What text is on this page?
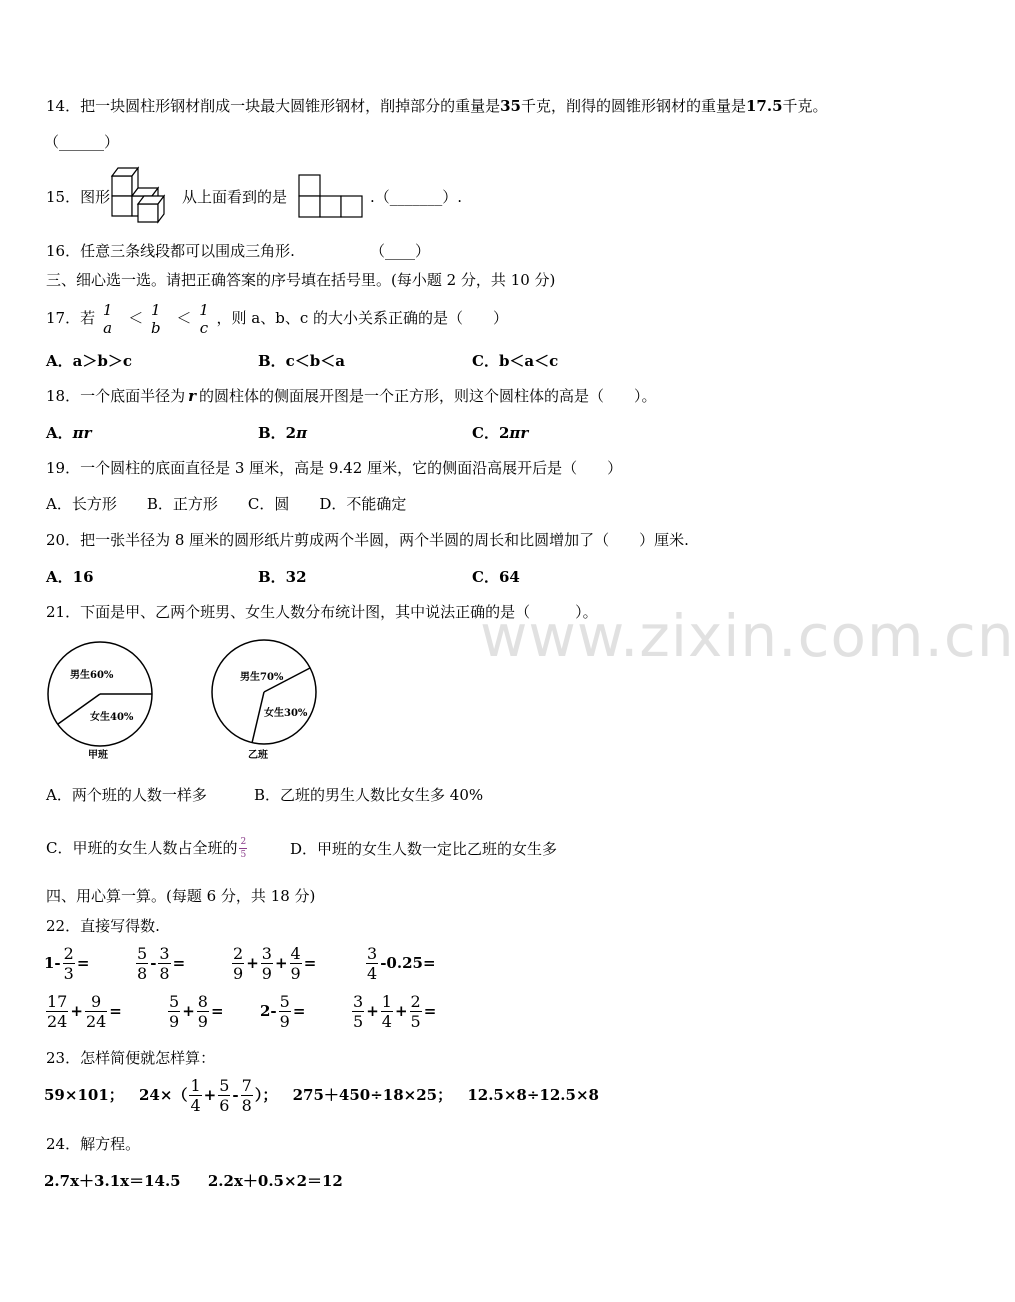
14．把一块圆柱形钢材削成一块最大圆锥形钢材，削掉部分的重量是35千克，削得的圆锥形钢材的重量是17.5千克。
（______）
15．图形	从上面看到的是	.（_______）.
16．任意三条线段都可以围成三角形.	（____）
三、细心选一选。请把正确答案的序号填在括号里。(每小题 2 分，共 10 分)
17．若 1
a
＜ 1
b
＜ 1
c
，则 a、b、c 的大小关系正确的是（　　）
A．a＞b＞c	B．c＜b＜a	C．b＜a＜c
18．一个底面半径为 r 的圆柱体的侧面展开图是一个正方形，则这个圆柱体的高是（　　）。
A．πr	B．2π	C．2πr
19．一个圆柱的底面直径是 3 厘米，高是 9.42 厘米，它的侧面沿高展开后是（　　）
A．长方形　　B．正方形　　C．圆　　D．不能确定
20．把一张半径为 8 厘米的圆形纸片剪成两个半圆，两个半圆的周长和比圆增加了（　　）厘米.
A．16	B．32	C．64
21．下面是甲、乙两个班男、女生人数分布统计图，其中说法正确的是（　　　）。
男生60%
女生40%
甲班
男生70%
女生30%
乙班
www.zixin.com.cn
A．两个班的人数一样多	B．乙班的男生人数比女生多 40%
C．甲班的女生人数占全班的 $\frac{2}{5}$	D．甲班的女生人数一定比乙班的女生多
四、用心算一算。(每题 6 分，共 18 分)
22．直接写得数.
$1- \frac{2}{3}$ =	$\frac{5}{8} - \frac{3}{8}$ =	$\frac{2}{9} + \frac{3}{9} + \frac{4}{9}$ =	$\frac{3}{4} -0.25=$
$\frac{17}{24} + \frac{9}{24}$ =	$\frac{5}{9} + \frac{8}{9} = 2- \frac{5}{9}$ =	$\frac{3}{5} + \frac{1}{4} + \frac{2}{5}$ =
23．怎样简便就怎样算：
59×101； $24\times( \frac{1}{4} + \frac{5}{6} - \frac{7}{8}$ ）； 275＋450÷18×25； 12.5×8÷12.5×8
24．解方程。
2.7x＋3.1x＝14.5 2.2x＋0.5×2＝12
